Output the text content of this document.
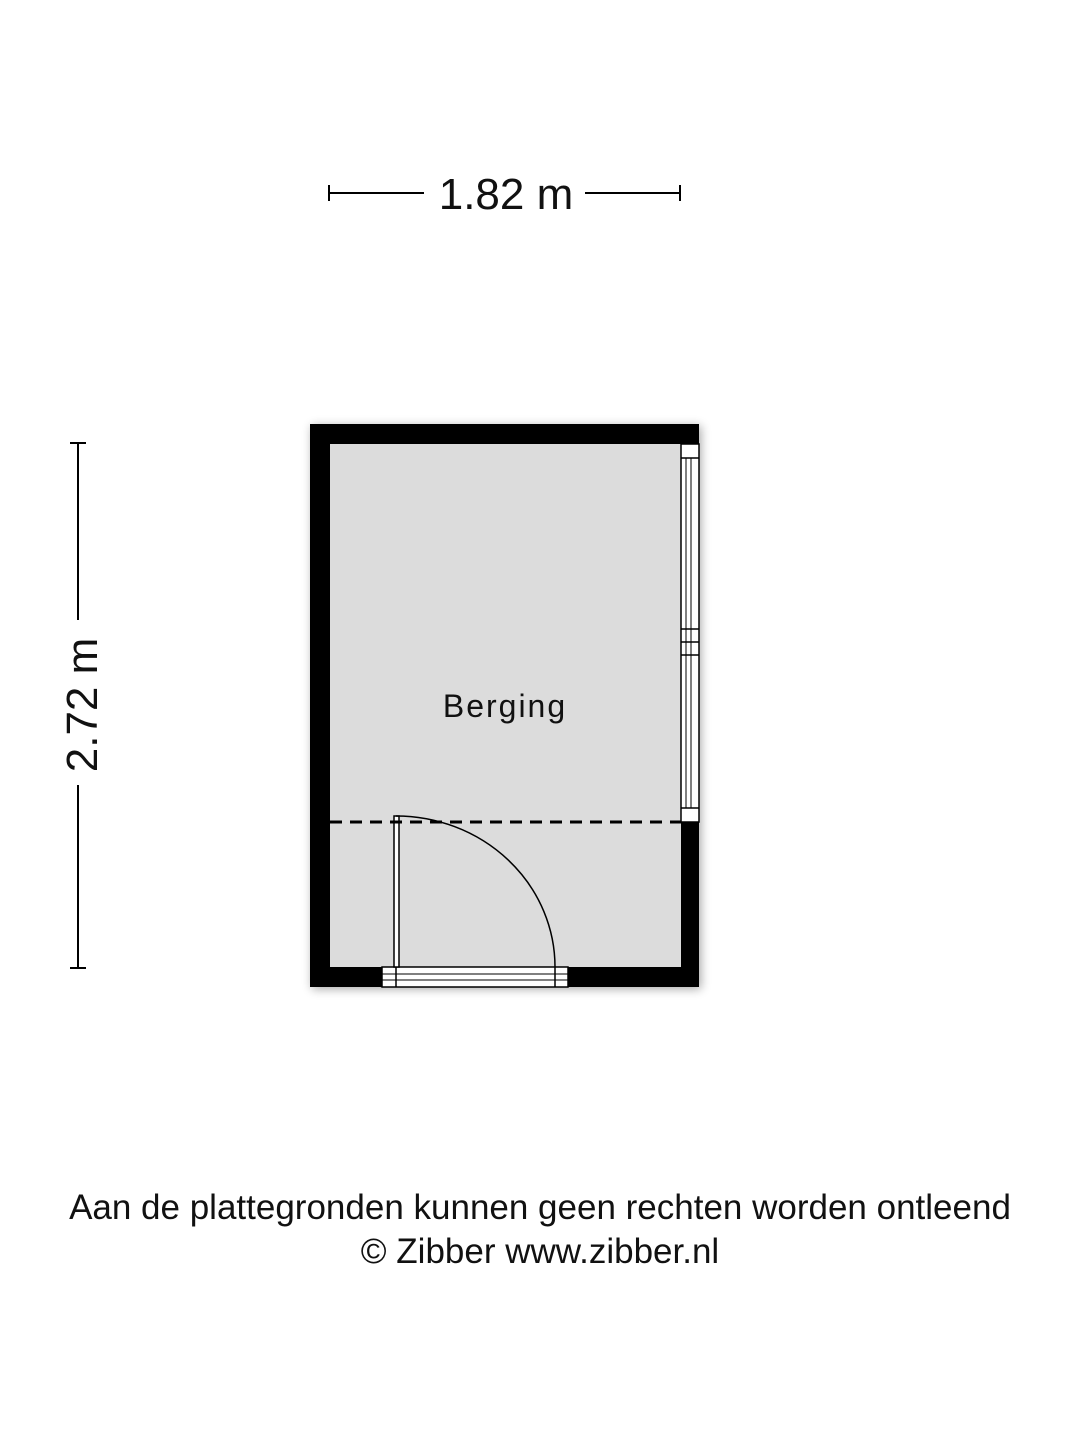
1.82 m
2.72 m	Berging
Aan de plattegronden kunnen geen rechten worden ontleend
© Zibber www.zibber.nl
